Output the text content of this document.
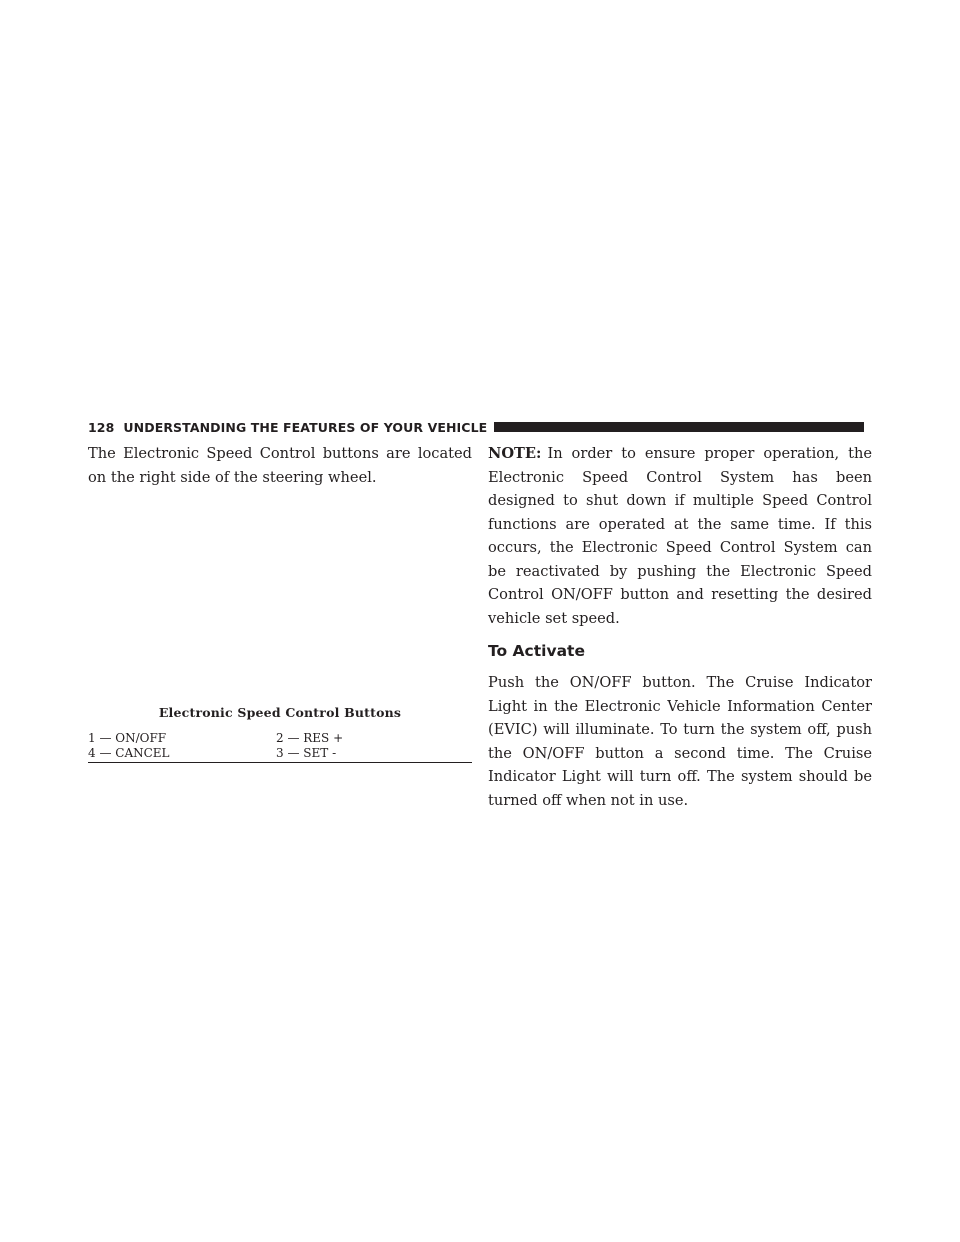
128 UNDERSTANDING THE FEATURES OF YOUR VEHICLE

The Electronic Speed Control buttons are located on the right side of the steering wheel.

Electronic Speed Control Buttons
1 — ON/OFF	2 — RES +
4 — CANCEL	3 — SET -

NOTE: In order to ensure proper operation, the Electronic Speed Control System has been designed to shut down if multiple Speed Control functions are operated at the same time. If this occurs, the Electronic Speed Control System can be reactivated by pushing the Electronic Speed Control ON/OFF button and resetting the desired vehicle set speed.

To Activate

Push the ON/OFF button. The Cruise Indicator Light in the Electronic Vehicle Information Center (EVIC) will illuminate. To turn the system off, push the ON/OFF button a second time. The Cruise Indicator Light will turn off. The system should be turned off when not in use.
